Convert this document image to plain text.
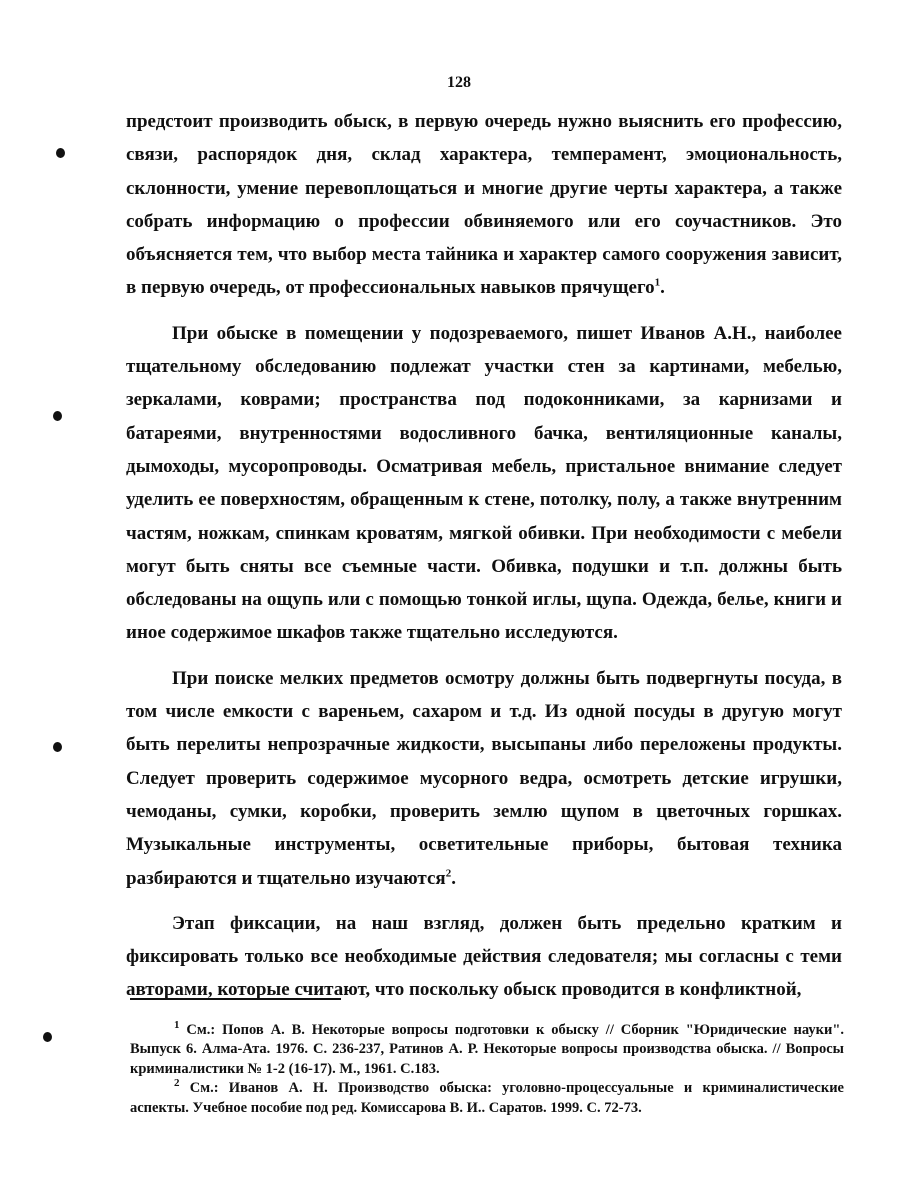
128

предстоит производить обыск, в первую очередь нужно выяснить его профессию, связи, распорядок дня, склад характера, темперамент, эмоциональность, склонности, умение перевоплощаться и многие другие черты характера, а также собрать информацию о профессии обвиняемого или его соучастников. Это объясняется тем, что выбор места тайника и характер самого сооружения зависит, в первую очередь, от профессиональных навыков прячущего$^1$.

При обыске в помещении у подозреваемого, пишет Иванов А.Н., наиболее тщательному обследованию подлежат участки стен за картинами, мебелью, зеркалами, коврами; пространства под подоконниками, за карнизами и батареями, внутренностями водосливного бачка, вентиляционные каналы, дымоходы, мусоропроводы. Осматривая мебель, пристальное внимание следует уделить ее поверхностям, обращенным к стене, потолку, полу, а также внутренним частям, ножкам, спинкам кроватям, мягкой обивки. При необходимости с мебели могут быть сняты все съемные части. Обивка, подушки и т.п. должны быть обследованы на ощупь или с помощью тонкой иглы, щупа. Одежда, белье, книги и иное содержимое шкафов также тщательно исследуются.

При поиске мелких предметов осмотру должны быть подвергнуты посуда, в том числе емкости с вареньем, сахаром и т.д. Из одной посуды в другую могут быть перелиты непрозрачные жидкости, высыпаны либо переложены продукты. Следует проверить содержимое мусорного ведра, осмотреть детские игрушки, чемоданы, сумки, коробки, проверить землю щупом в цветочных горшках. Музыкальные инструменты, осветительные приборы, бытовая техника разбираются и тщательно изучаются$^2$.

Этап фиксации, на наш взгляд, должен быть предельно кратким и фиксировать только все необходимые действия следователя; мы согласны с теми авторами, которые считают, что поскольку обыск проводится в конфликтной,

$^1$ См.: Попов А. В. Некоторые вопросы подготовки к обыску // Сборник "Юридические науки". Выпуск 6. Алма-Ата. 1976. С. 236-237, Ратинов А. Р. Некоторые вопросы производства обыска. // Вопросы криминалистики № 1-2 (16-17). М., 1961. С.183.

$^2$ См.: Иванов А. Н. Производство обыска: уголовно-процессуальные и криминалистические аспекты. Учебное пособие под ред. Комиссарова В. И.. Саратов. 1999. С. 72-73.
